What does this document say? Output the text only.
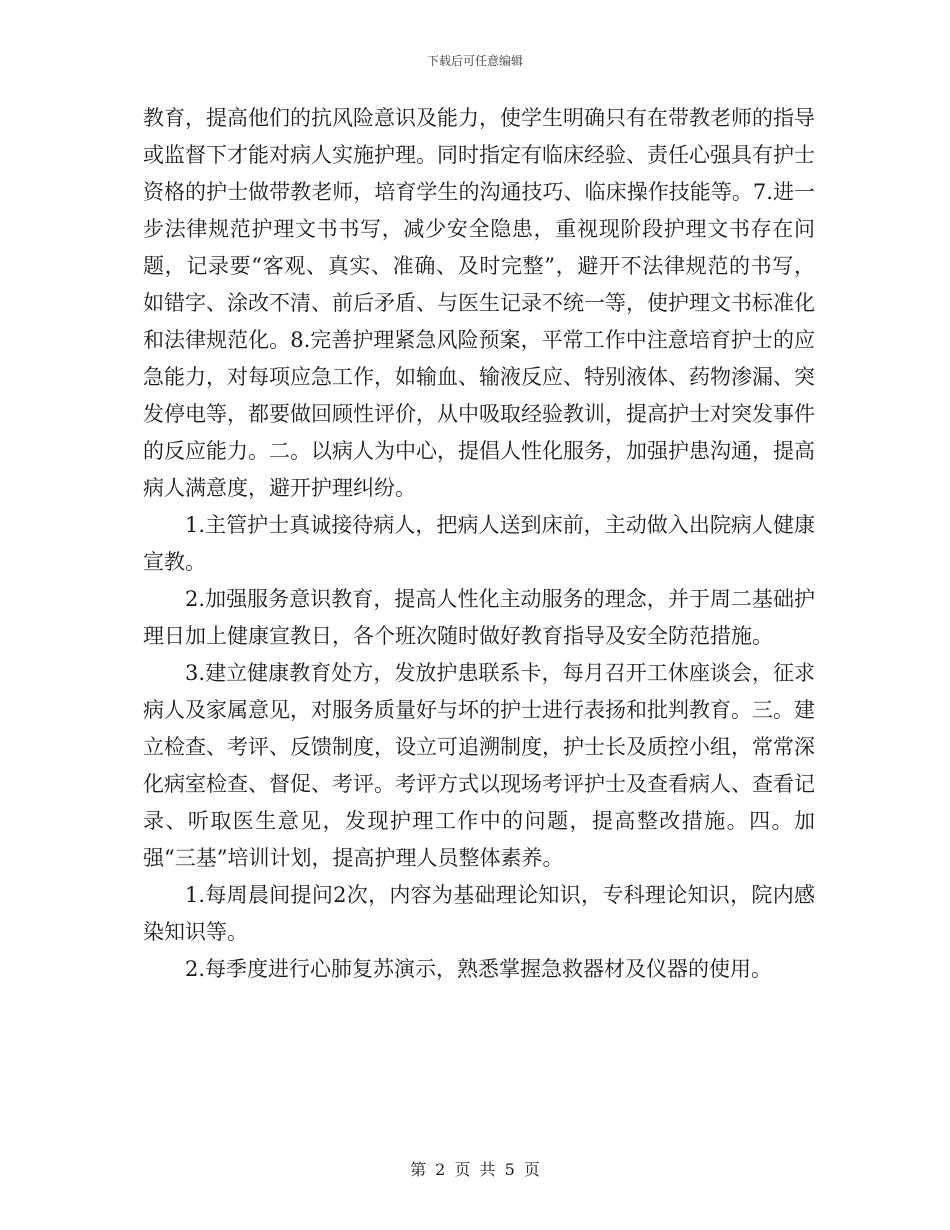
下载后可任意编辑

教育，提高他们的抗风险意识及能力，使学生明确只有在带教老师的指导或监督下才能对病人实施护理。同时指定有临床经验、责任心强具有护士资格的护士做带教老师，培育学生的沟通技巧、临床操作技能等。7.进一步法律规范护理文书书写，减少安全隐患，重视现阶段护理文书存在问题，记录要“客观、真实、准确、及时完整”，避开不法律规范的书写，如错字、涂改不清、前后矛盾、与医生记录不统一等，使护理文书标准化和法律规范化。8.完善护理紧急风险预案，平常工作中注意培育护士的应急能力，对每项应急工作，如输血、输液反应、特别液体、药物渗漏、突发停电等，都要做回顾性评价，从中吸取经验教训，提高护士对突发事件的反应能力。二。以病人为中心，提倡人性化服务，加强护患沟通，提高病人满意度，避开护理纠纷。

1.主管护士真诚接待病人，把病人送到床前，主动做入出院病人健康宣教。

2.加强服务意识教育，提高人性化主动服务的理念，并于周二基础护理日加上健康宣教日，各个班次随时做好教育指导及安全防范措施。

3.建立健康教育处方，发放护患联系卡，每月召开工休座谈会，征求病人及家属意见，对服务质量好与坏的护士进行表扬和批判教育。三。建立检查、考评、反馈制度，设立可追溯制度，护士长及质控小组，常常深化病室检查、督促、考评。考评方式以现场考评护士及查看病人、查看记录、听取医生意见，发现护理工作中的问题，提高整改措施。四。加强“三基”培训计划，提高护理人员整体素养。

1.每周晨间提问2次，内容为基础理论知识，专科理论知识，院内感染知识等。

2.每季度进行心肺复苏演示，熟悉掌握急救器材及仪器的使用。

第 2 页 共 5 页
